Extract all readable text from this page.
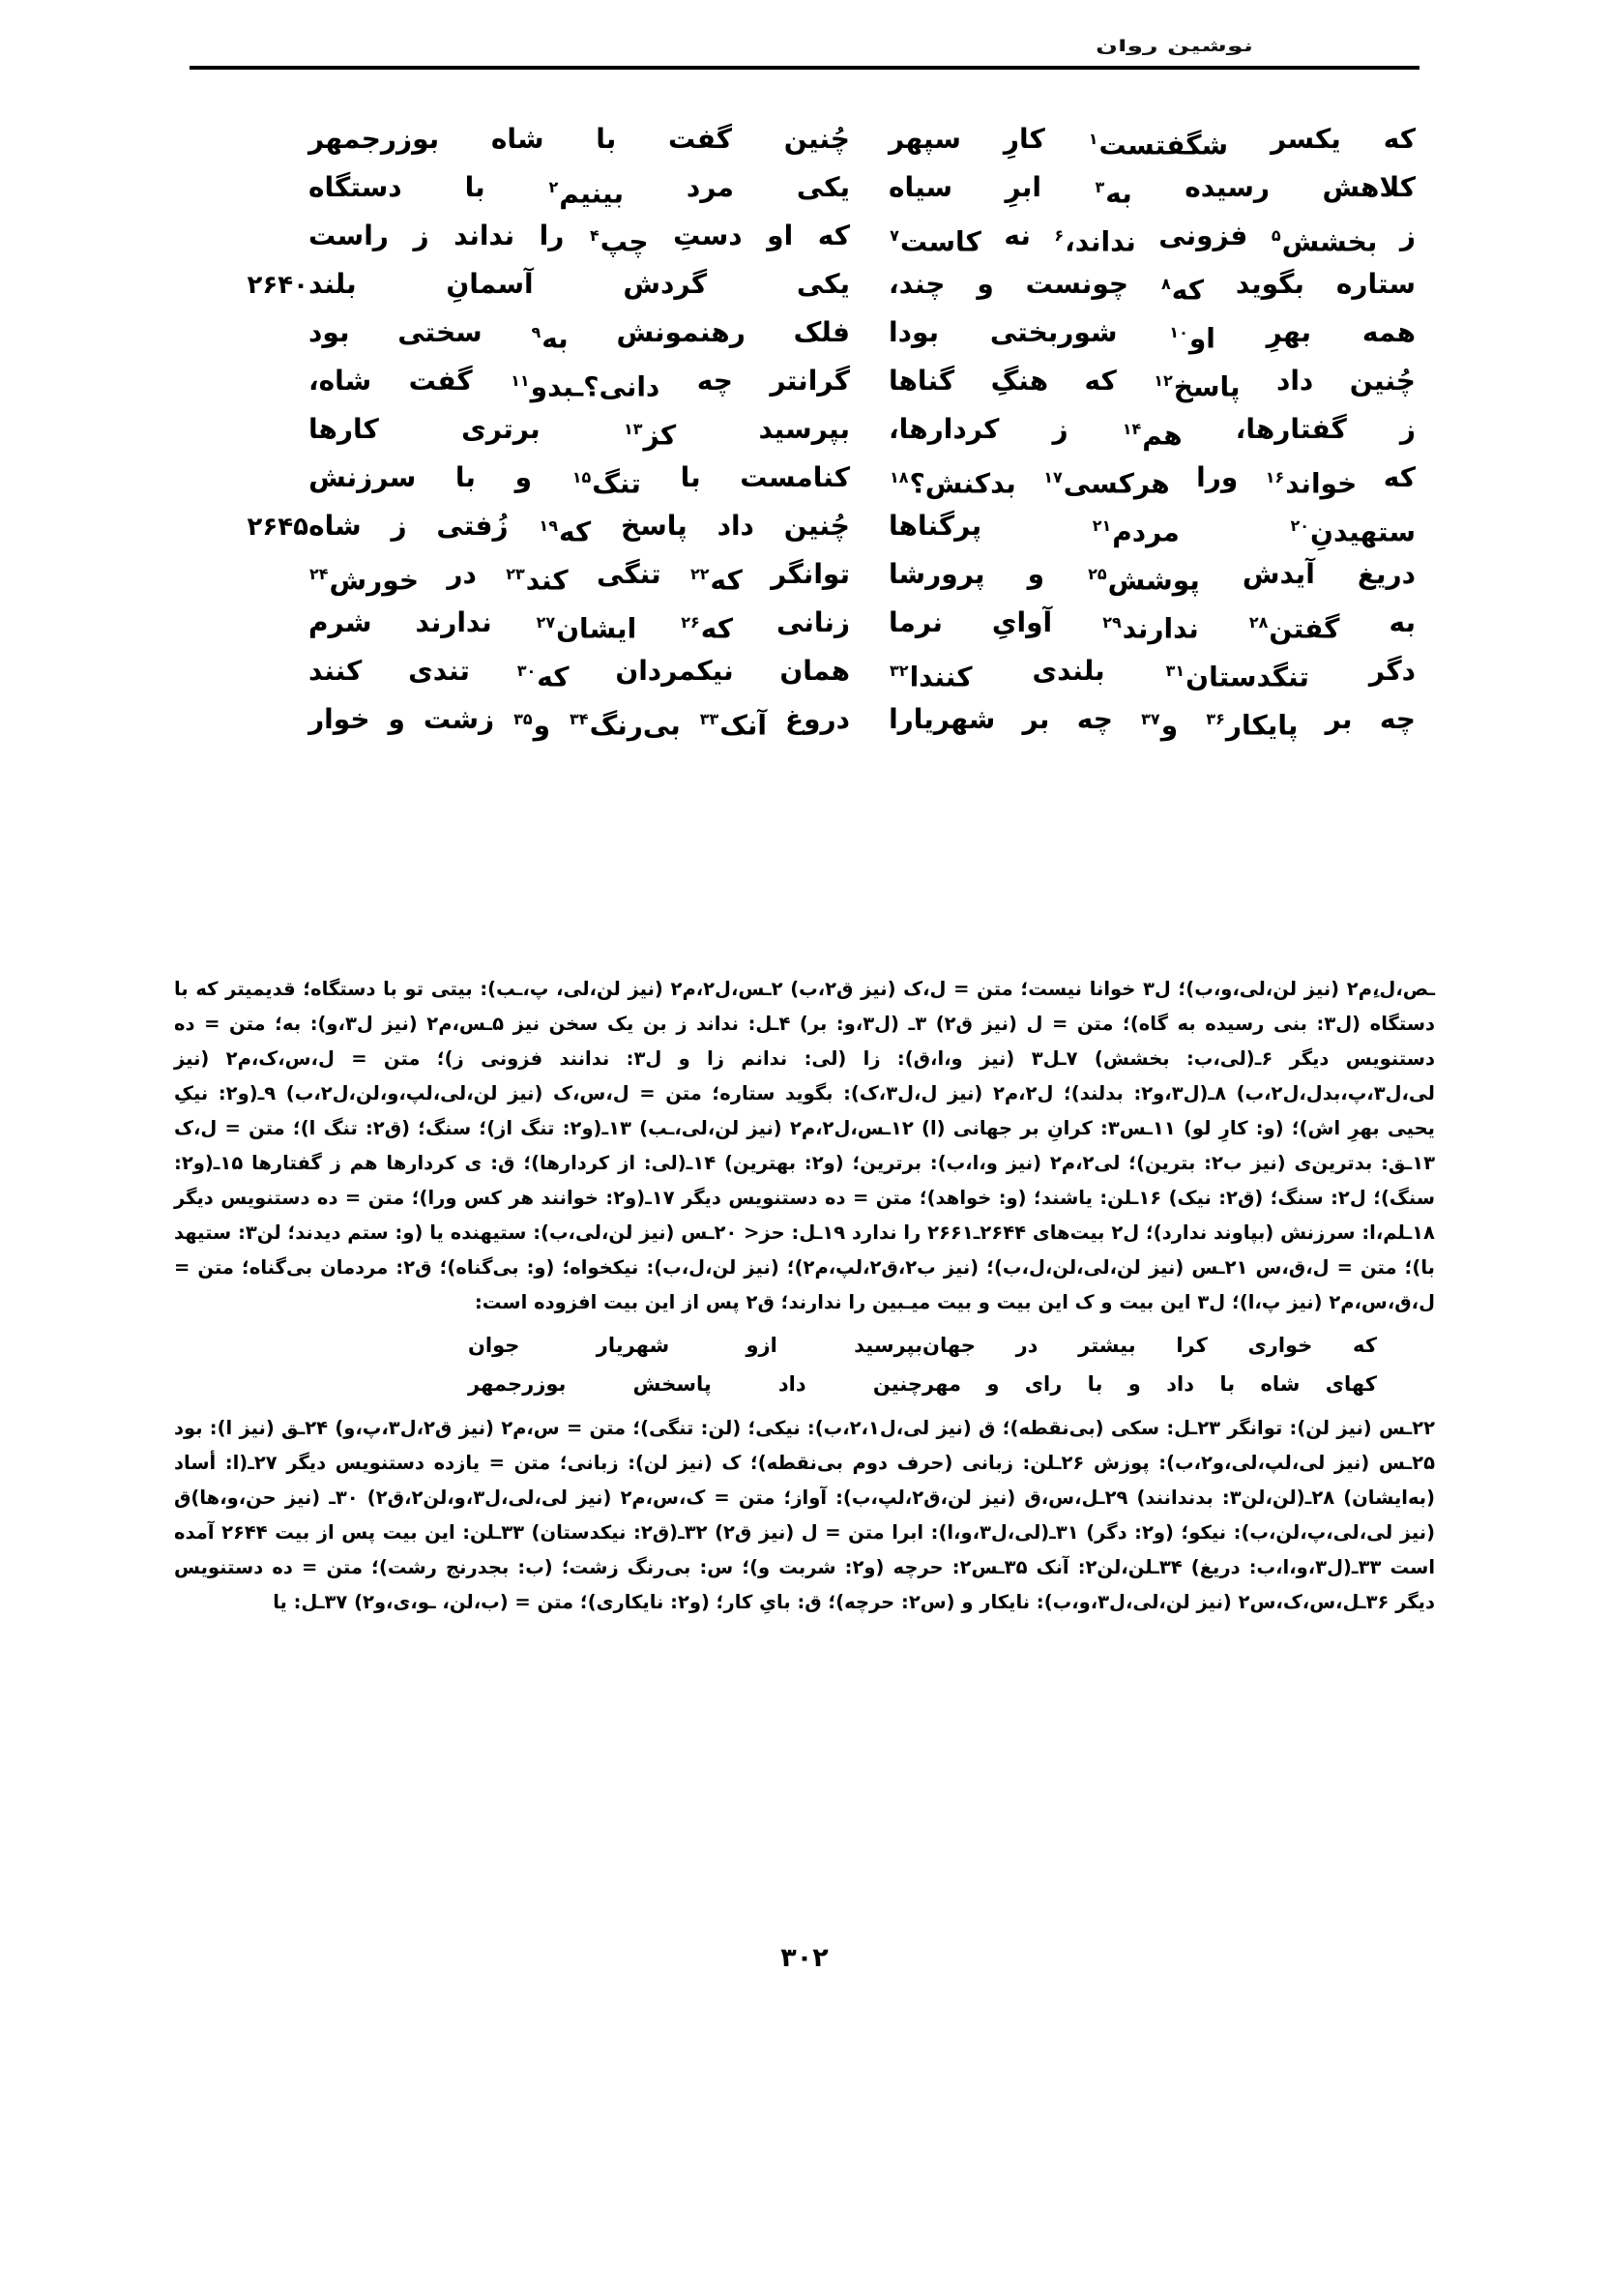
نوشین روان
که
یکسر
شگفتست$^۱$
کارِ
سپهر
چُنین
گفت
با
شاه
بوزرجمهر
کلاهش
رسیده
به$^۳$
ابرِ
سیاه
یکی
مرد
بینیم$^۲$
با
دستگاه
ز
بخشش$^۵$
فزونی
نداند،$^۶$
نه
کاست$^۷$
که
او
دستِ
چپ$^۴$
را
نداند
ز
راست
ستاره
بگوید
که$^۸$
چونست
و
چند،
یکی
گردش
آسمانِ
بلند
۲۶۴۰
همه
بهرِ
او$^{۱۰}$
شوربختی
بودا
فلک
رهنمونش
به$^۹$
سختی
بود
چُنین
داد
پاسخ$^{۱۲}$
که
هنگِ
گناها
گرانتر
چه
دانی؟ـبدو$^{۱۱}$
گفت
شاه،
ز
گفتارها،
هم$^{۱۴}$
ز
کردارها،
بپرسید
کز$^{۱۳}$
برتری
کارها
که
خواند$^{۱۶}$
ورا
هرکسی$^{۱۷}$
بدکنش؟$^{۱۸}$
کنامست
با
تنگ$^{۱۵}$
و
با
سرزنش
ستهیدنِ$^{۲۰}$
مردم$^{۲۱}$
پرگناها
چُنین
داد
پاسخ
که$^{۱۹}$
زُفتی
ز
شاه
۲۶۴۵
دریغ
آیدش
پوشش$^{۲۵}$
و
پرورشا
توانگر
که$^{۲۲}$
تنگی
کند$^{۲۳}$
در
خورش$^{۲۴}$
به
گفتن$^{۲۸}$
ندارند$^{۲۹}$
آوایِ
نرما
زنانی
که$^{۲۶}$
ایشان$^{۲۷}$
ندارند
شرم
دگر
تنگدستان$^{۳۱}$
بلندی
کنندا$^{۳۲}$
همان
نیکمردان
که$^{۳۰}$
تندی
کنند
چه
بر
پایکار$^{۳۶}$
و$^{۳۷}$
چه
بر
شهریارا
دروغ
آنک$^{۳۳}$
بی‌رنگ$^{۳۴}$
و$^{۳۵}$
زشت
و
خوار

ـص،ل،ِم۲ (نیز لن،لی،و،ب)؛ ل۳ خوانا نیست؛ متن = ل،ک (نیز ق۲،ب) ۲ـس،ل۲،م۲ (نیز لن،لی، پ،ـب): بیتی تو با دستگاه؛ قدیمیتر که با دستگاه (ل۳: بنی رسیده به گاه)؛ متن = ل (نیز ق۲) ۳ـ (ل۳،و: بر) ۴ـل: نداند ز بن یک سخن نیز ۵ـس،م۲ (نیز ل۳،و): به؛ متن = ده دستنویس دیگر ۶ـ(لی،ب: بخشش) ۷ـل۳ (نیز و،ا،ق): زا (لی: ندانم زا و ل۳: ندانند فزونی ز)؛ متن = ل،س،ک،م۲ (نیز لی،ل۳،پ،بدل،ل۲،ب) ۸ـ(ل۳،و۲: بدلند)؛ ل۲،م۲ (نیز ل،ل۳،ک): بگوید ستاره؛ متن = ل،س،ک (نیز لن،لی،لپ،و،لن،ل۲،ب) ۹ـ(و۲: نیکِ یحیی بهرِ اش)؛ (و: کارِ لو) ۱۱ـس۳: کرانِ بر جهانی (ا) ۱۲ـس،ل۲،م۲ (نیز لن،لی،ـب) ۱۳ـ(و۲: تنگ از)؛ سنگ؛ (ق۲: تنگ ا)؛ متن = ل،ک ۱۳ـق: بدترین‌ی (نیز ب۲: بترین)؛ لی۲،م۲ (نیز و،ا،ب): برترین؛ (و۲: بهترین) ۱۴ـ(لی: از کردارها)؛ ق: ی کردارها هم ز گفتارها ۱۵ـ(و۲: سنگ)؛ ل۲: سنگ؛ (ق۲: نیک) ۱۶ـلن: یاشند؛ (و: خواهد)؛ متن = ده دستنویس دیگر ۱۷ـ(و۲: خوانند هر کس ورا)؛ متن = ده دستنویس دیگر ۱۸ـلم،ا: سرزنش (بپاوند ندارد)؛ ل۲ بیت‌های ۲۶۴۴ـ۲۶۶۱ را ندارد ۱۹ـل: حز< ۲۰ـس (نیز لن،لی،ب): ستیهنده یا (و: ستم دیدند؛ لن۳: ستیهد با)؛ متن = ل،ق،س ۲۱ـس (نیز لن،لی،لن،ل،ب)؛ (نیز ب۲،ق۲،لپ،م۲)؛ (نیز لن،ل،ب): نیکخواه؛ (و: بی‌گناه)؛ ق۲: مردمان بی‌گناه؛ متن = ل،ق،س،م۲ (نیز پ،ا)؛ ل۳ این بیت و ک این بیت و بیت میـبین را ندارند؛ ق۲ پس از این بیت افزوده است:

که
خواری
کرا
بیشتر
در
جهان
بپرسید
ازو
شهریار
جوان
کهای
شاه
با
داد
و
با
رای
و
مهر
چنین
داد
پاسخش
بوزرجمهر

۲۲ـس (نیز لن): توانگر ۲۳ـل: سکی (بی‌نقطه)؛ ق (نیز لی،ل۲،۱،ب): نیکی؛ (لن: تنگی)؛ متن = س،م۲ (نیز ق۲،ل۳،پ،و) ۲۴ـق (نیز ا): بود ۲۵ـس (نیز لی،لپ،لی،و۲،ب): پوزش ۲۶ـلن: زبانی (حرف دوم بی‌نقطه)؛ ک (نیز لن): زبانی؛ متن = یازده دستنویس دیگر ۲۷ـ(ا: أساد (به‌ایشان) ۲۸ـ(لن،لن۳: بدندانند) ۲۹ـل،س،ق (نیز لن،ق۲،لپ،ب): آواز؛ متن = ک،س،م۲ (نیز لی،لی،ل۳،و،لن۲،ق۲) ۳۰ـ (نیز حن،و،ها)ق (نیز لی،لی،پ،لن،ب): نیکو؛ (و۲: دگر) ۳۱ـ(لی،ل۳،و،ا): ابرا متن = ل (نیز ق۲) ۳۲ـ(ق۲: نیکدستان) ۳۳ـلن: این بیت پس از بیت ۲۶۴۴ آمده است ۳۳ـ(ل۳،و،ا،ب: دریغ) ۳۴ـلن،لن۲: آنک ۳۵ـس۲: حرچه (و۲: شربت و)؛ س: بی‌رنگ زشت؛ (ب: بجدرنج رشت)؛ متن = ده دستنویس دیگر ۳۶ـل،س،ک،س۲ (نیز لن،لی،ل۳،و،ب): نایکار و (س۲: حرچه)؛ ق: بایِ کار؛ (و۲: نایکاری)؛ متن = (ب،لن، ـو،ی،و۲) ۳۷ـل: یا

۳۰۲
